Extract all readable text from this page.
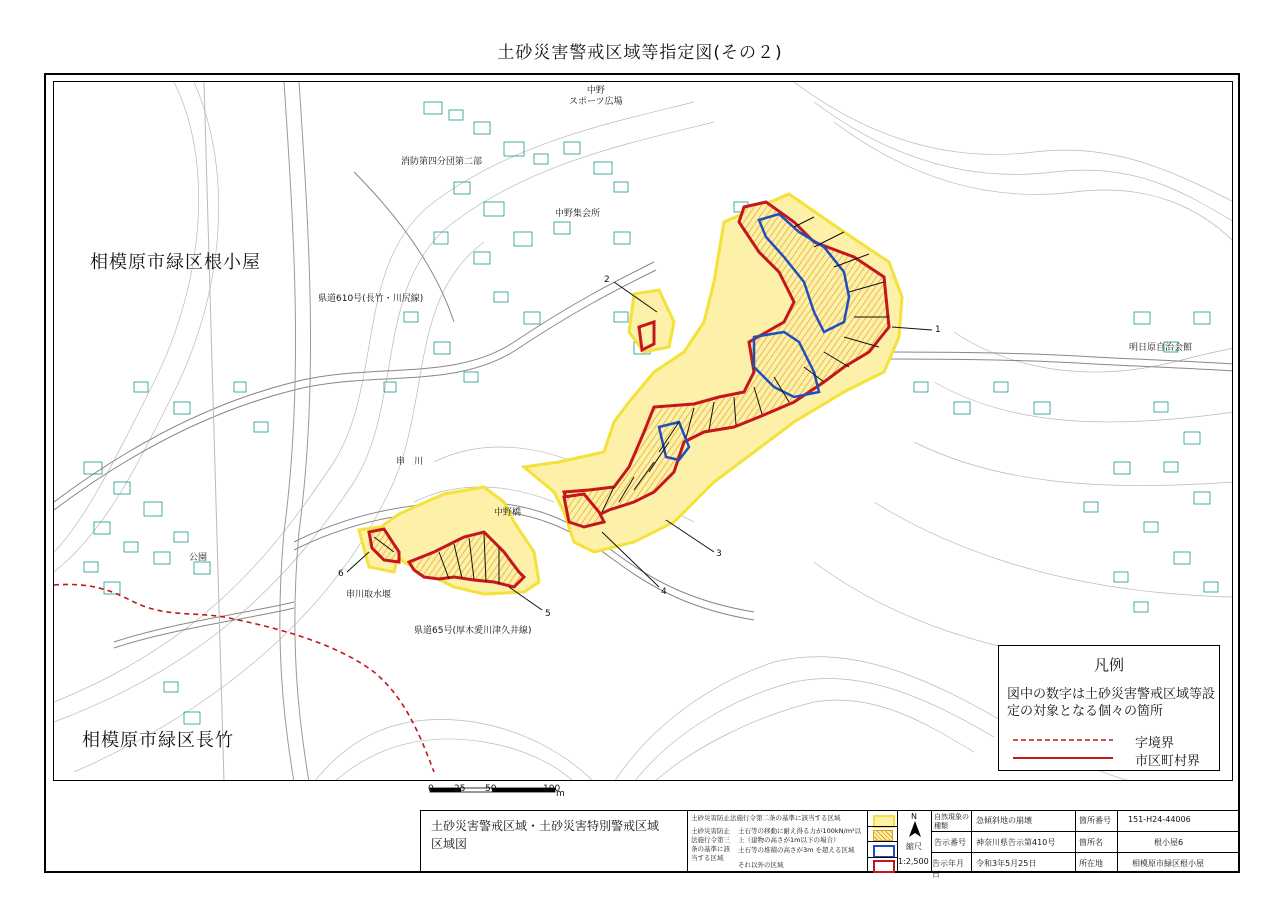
土砂災害警戒区域等指定図(その２)
相模原市緑区根小屋
相模原市緑区長竹
中野
スポーツ広場
消防第四分団第二部
中野集会所
県道610号(長竹・川尻線)
串　川
中野橋
公園
串川取水堰
県道65号(厚木愛川津久井線)
明日原自治会館
1
2
3
4
5
6
凡例
図中の数字は土砂災害警戒区域等設定の対象となる個々の箇所
字境界
市区町村界
0 25 50	100
m
土砂災害警戒区域・土砂災害特別警戒区域
区域図
土砂災害防止法施行令第二条の基準に該当する区域
土砂災害防止法施行令第三条の基準に該当する区域
土石等の移動に耐え得る力が100kN/m²以上（建物の高さが1m以下の場合）
土石等の堆積の高さが3m を超える区域
それ以外の区域
N
縮尺
1:2,500
自然現象の種類
告示番号
告示年月日
急傾斜地の崩壊
神奈川県告示第410号
令和3年5月25日
箇所番号
箇所名
所在地
151-H24-44006
根小屋6
相模原市緑区根小屋
